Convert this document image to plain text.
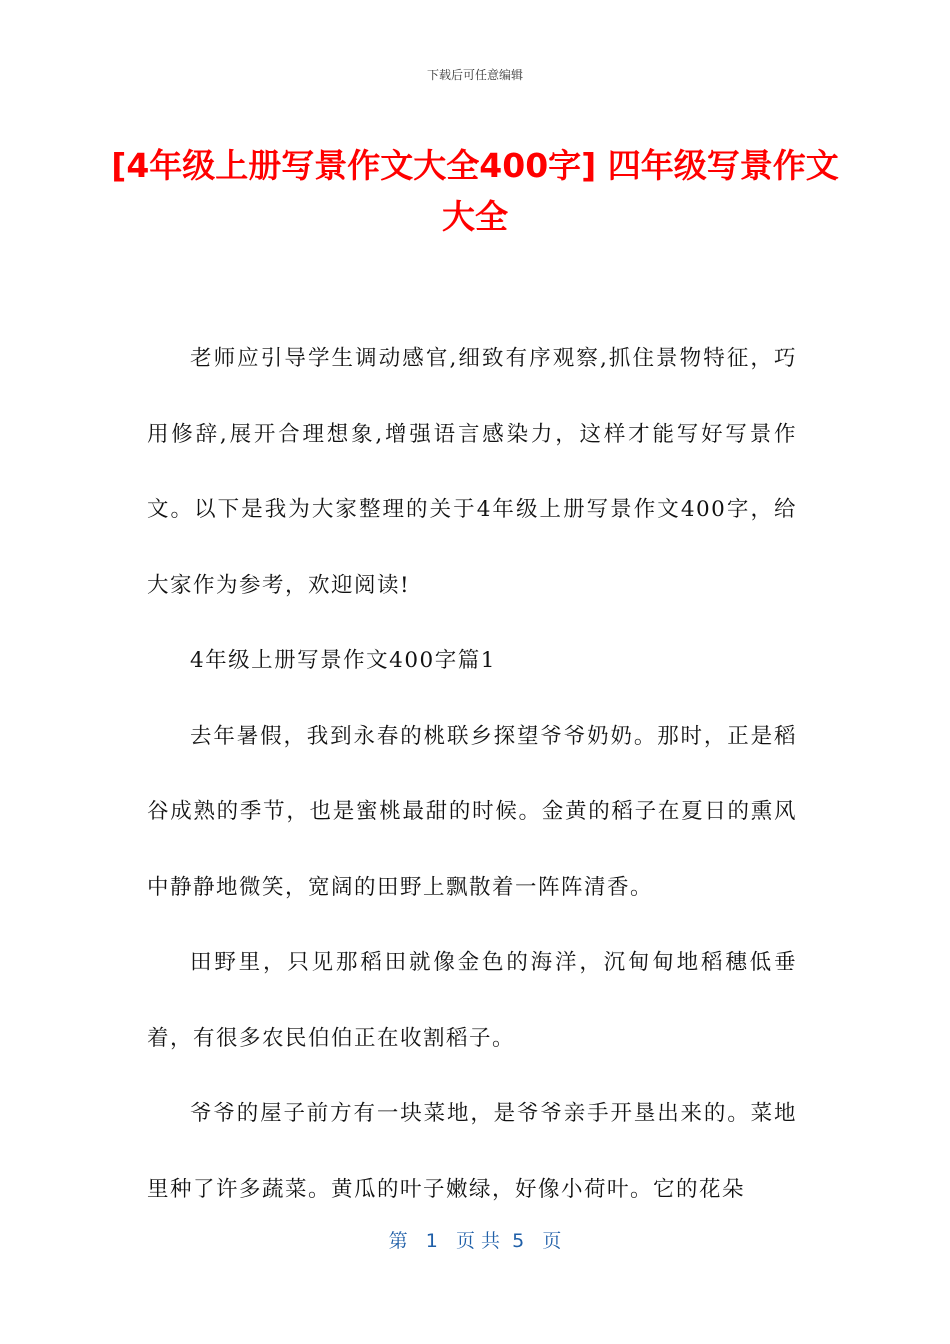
下载后可任意编辑
[4年级上册写景作文大全400字] 四年级写景作文大全

老师应引导学生调动感官,细致有序观察,抓住景物特征，巧用修辞,展开合理想象,增强语言感染力，这样才能写好写景作文。以下是我为大家整理的关于4年级上册写景作文400字，给大家作为参考，欢迎阅读!

4年级上册写景作文400字篇1

去年暑假，我到永春的桃联乡探望爷爷奶奶。那时，正是稻谷成熟的季节，也是蜜桃最甜的时候。金黄的稻子在夏日的熏风中静静地微笑，宽阔的田野上飘散着一阵阵清香。

田野里，只见那稻田就像金色的海洋，沉甸甸地稻穗低垂着，有很多农民伯伯正在收割稻子。

爷爷的屋子前方有一块菜地，是爷爷亲手开垦出来的。菜地里种了许多蔬菜。黄瓜的叶子嫩绿，好像小荷叶。它的花朵

第   1   页 共  5   页
